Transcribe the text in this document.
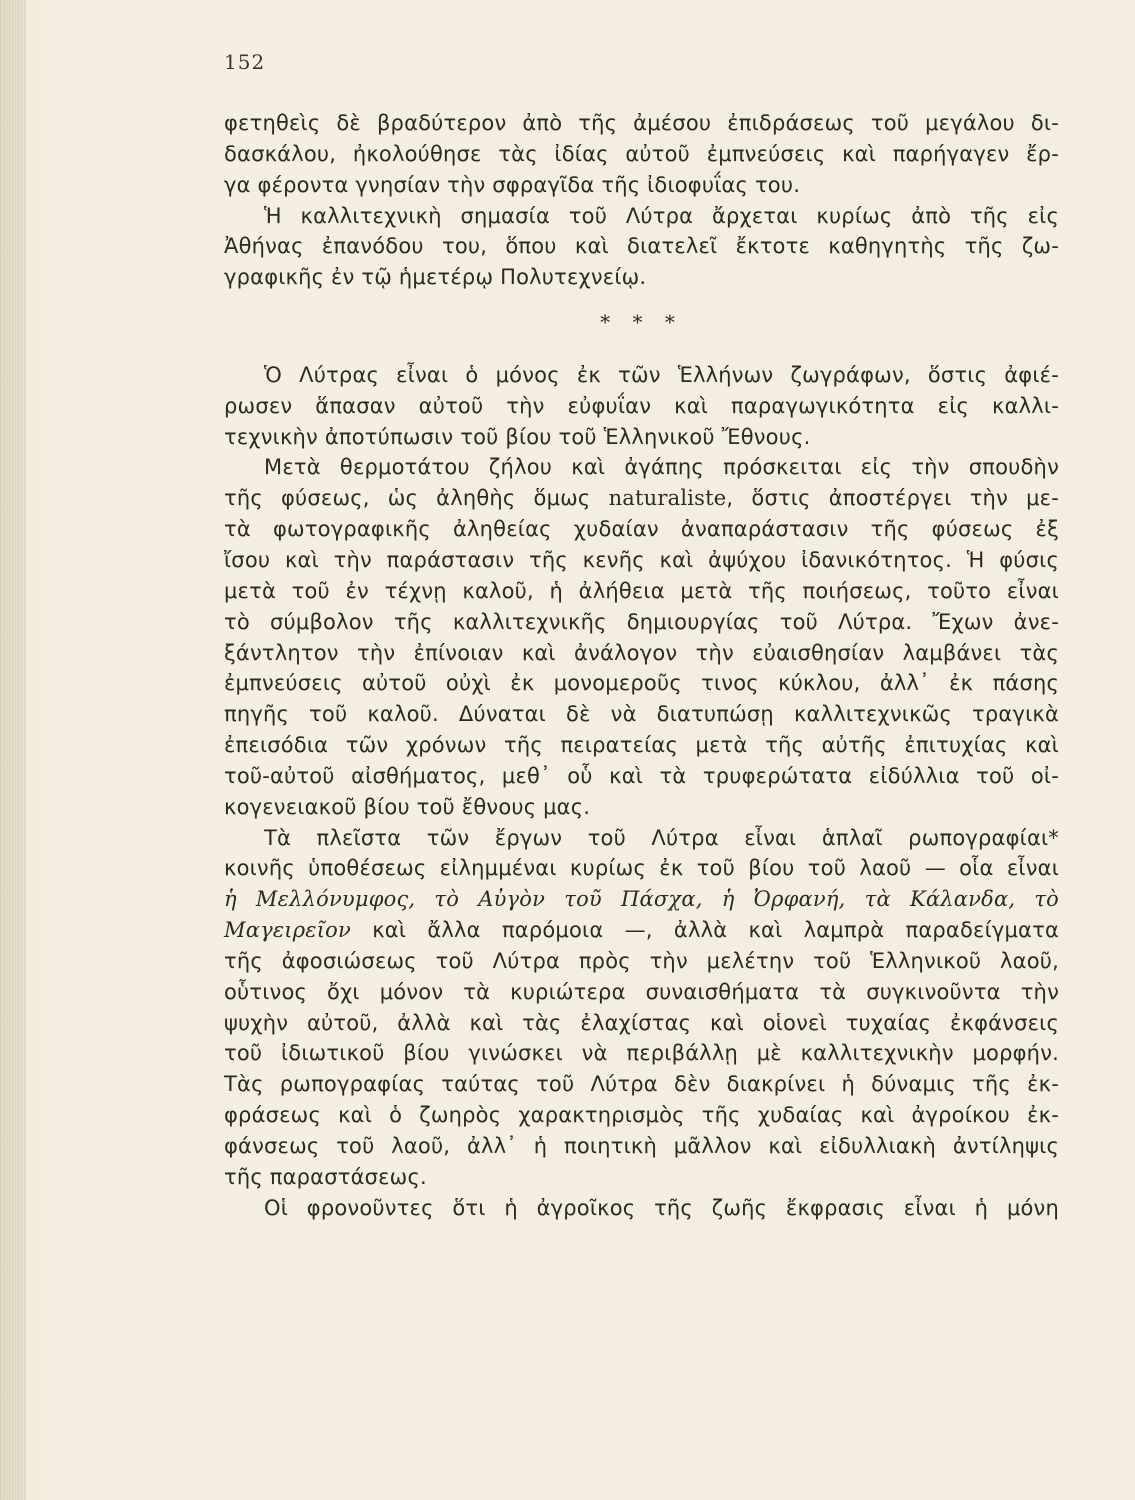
152
φετηθεὶς δὲ βραδύτερον ἀπὸ τῆς ἀμέσου ἐπιδράσεως τοῦ μεγάλου δι-
δασκάλου, ἠκολούθησε τὰς ἰδίας αὐτοῦ ἐμπνεύσεις καὶ παρήγαγεν ἔρ-
γα φέροντα γνησίαν τὴν σφραγῖδα τῆς ἰδιοφυΐας του.
Ἡ καλλιτεχνικὴ σημασία τοῦ Λύτρα ἄρχεται κυρίως ἀπὸ τῆς εἰς
Ἀθήνας ἐπανόδου του, ὅπου καὶ διατελεῖ ἔκτοτε καθηγητὴς τῆς ζω-
γραφικῆς ἐν τῷ ἡμετέρῳ Πολυτεχνείῳ.
* * *
Ὁ Λύτρας εἶναι ὁ μόνος ἐκ τῶν Ἑλλήνων ζωγράφων, ὅστις ἀφιέ-
ρωσεν ἅπασαν αὐτοῦ τὴν εὐφυΐαν καὶ παραγωγικότητα εἰς καλλι-
τεχνικὴν ἀποτύπωσιν τοῦ βίου τοῦ Ἑλληνικοῦ Ἔθνους.
Μετὰ θερμοτάτου ζήλου καὶ ἀγάπης πρόσκειται εἰς τὴν σπουδὴν
τῆς φύσεως, ὡς ἀληθὴς ὅμως naturaliste, ὅστις ἀποστέργει τὴν με-
τὰ φωτογραφικῆς ἀληθείας χυδαίαν ἀναπαράστασιν τῆς φύσεως ἐξ
ἴσου καὶ τὴν παράστασιν τῆς κενῆς καὶ ἀψύχου ἰδανικότητος. Ἡ φύσις
μετὰ τοῦ ἐν τέχνῃ καλοῦ, ἡ ἀλήθεια μετὰ τῆς ποιήσεως, τοῦτο εἶναι
τὸ σύμβολον τῆς καλλιτεχνικῆς δημιουργίας τοῦ Λύτρα. Ἔχων ἀνε-
ξάντλητον τὴν ἐπίνοιαν καὶ ἀνάλογον τὴν εὐαισθησίαν λαμβάνει τὰς
ἐμπνεύσεις αὐτοῦ οὐχὶ ἐκ μονομεροῦς τινος κύκλου, ἀλλ᾽ ἐκ πάσης
πηγῆς τοῦ καλοῦ. Δύναται δὲ νὰ διατυπώσῃ καλλιτεχνικῶς τραγικὰ
ἐπεισόδια τῶν χρόνων τῆς πειρατείας μετὰ τῆς αὐτῆς ἐπιτυχίας καὶ
τοῦ-αὐτοῦ αἰσθήματος, μεθ᾽ οὗ καὶ τὰ τρυφερώτατα εἰδύλλια τοῦ οἰ-
κογενειακοῦ βίου τοῦ ἔθνους μας.
Τὰ πλεῖστα τῶν ἔργων τοῦ Λύτρα εἶναι ἁπλαῖ ρωπογραφίαι*
κοινῆς ὑποθέσεως εἰλημμέναι κυρίως ἐκ τοῦ βίου τοῦ λαοῦ — οἷα εἶναι
ἡ Μελλόνυμφος, τὸ Αὐγὸν τοῦ Πάσχα, ἡ Ὀρφανή, τὰ Κάλανδα, τὸ
Μαγειρεῖον καὶ ἄλλα παρόμοια —, ἀλλὰ καὶ λαμπρὰ παραδείγματα
τῆς ἀφοσιώσεως τοῦ Λύτρα πρὸς τὴν μελέτην τοῦ Ἑλληνικοῦ λαοῦ,
οὗτινος ὄχι μόνον τὰ κυριώτερα συναισθήματα τὰ συγκινοῦντα τὴν
ψυχὴν αὐτοῦ, ἀλλὰ καὶ τὰς ἐλαχίστας καὶ οἱονεὶ τυχαίας ἐκφάνσεις
τοῦ ἰδιωτικοῦ βίου γινώσκει νὰ περιβάλλῃ μὲ καλλιτεχνικὴν μορφήν.
Τὰς ρωπογραφίας ταύτας τοῦ Λύτρα δὲν διακρίνει ἡ δύναμις τῆς ἐκ-
φράσεως καὶ ὁ ζωηρὸς χαρακτηρισμὸς τῆς χυδαίας καὶ ἀγροίκου ἐκ-
φάνσεως τοῦ λαοῦ, ἀλλ᾽ ἡ ποιητικὴ μᾶλλον καὶ εἰδυλλιακὴ ἀντίληψις
τῆς παραστάσεως.
Οἱ φρονοῦντες ὅτι ἡ ἀγροῖκος τῆς ζωῆς ἔκφρασις εἶναι ἡ μόνη
